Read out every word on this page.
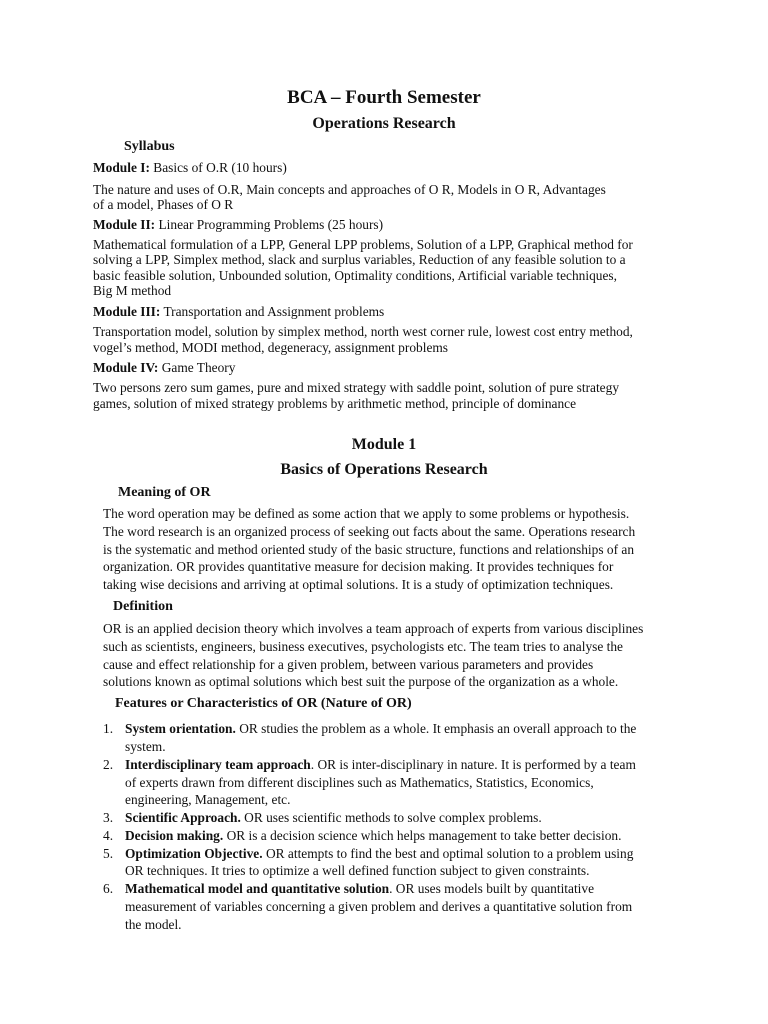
BCA – Fourth Semester
Operations Research
Syllabus
Module I: Basics of O.R (10 hours)
The nature and uses of O.R, Main concepts and approaches of O R, Models in O R, Advantages
of a model, Phases of O R
Module II: Linear Programming Problems (25 hours)
Mathematical formulation of a LPP, General LPP problems, Solution of a LPP, Graphical method for
solving a LPP, Simplex method, slack and surplus variables, Reduction of any feasible solution to a
basic feasible solution, Unbounded solution, Optimality conditions, Artificial variable techniques,
Big M method
Module III: Transportation and Assignment problems
Transportation model, solution by simplex method, north west corner rule, lowest cost entry method,
vogel’s method, MODI method, degeneracy, assignment problems
Module IV: Game Theory
Two persons zero sum games, pure and mixed strategy with saddle point, solution of pure strategy
games, solution of mixed strategy problems by arithmetic method, principle of dominance
Module 1
Basics of Operations Research
Meaning of OR
The word operation may be defined as some action that we apply to some problems or hypothesis.
The word research is an organized process of seeking out facts about the same. Operations research
is the systematic and method oriented study of the basic structure, functions and relationships of an
organization. OR provides quantitative measure for decision making. It provides techniques for
taking wise decisions and arriving at optimal solutions. It is a study of optimization techniques.
Definition
OR is an applied decision theory which involves a team approach of experts from various disciplines
such as scientists, engineers, business executives, psychologists etc. The team tries to analyse the
cause and effect relationship for a given problem, between various parameters and provides
solutions known as optimal solutions which best suit the purpose of the organization as a whole.
Features or Characteristics of OR (Nature of OR)
1. System orientation. OR studies the problem as a whole. It emphasis an overall approach to the
system.
2. Interdisciplinary team approach. OR is inter-disciplinary in nature. It is performed by a team
of experts drawn from different disciplines such as Mathematics, Statistics, Economics,
engineering, Management, etc.
3. Scientific Approach. OR uses scientific methods to solve complex problems.
4. Decision making. OR is a decision science which helps management to take better decision.
5. Optimization Objective. OR attempts to find the best and optimal solution to a problem using
OR techniques. It tries to optimize a well defined function subject to given constraints.
6. Mathematical model and quantitative solution. OR uses models built by quantitative
measurement of variables concerning a given problem and derives a quantitative solution from
the model.
